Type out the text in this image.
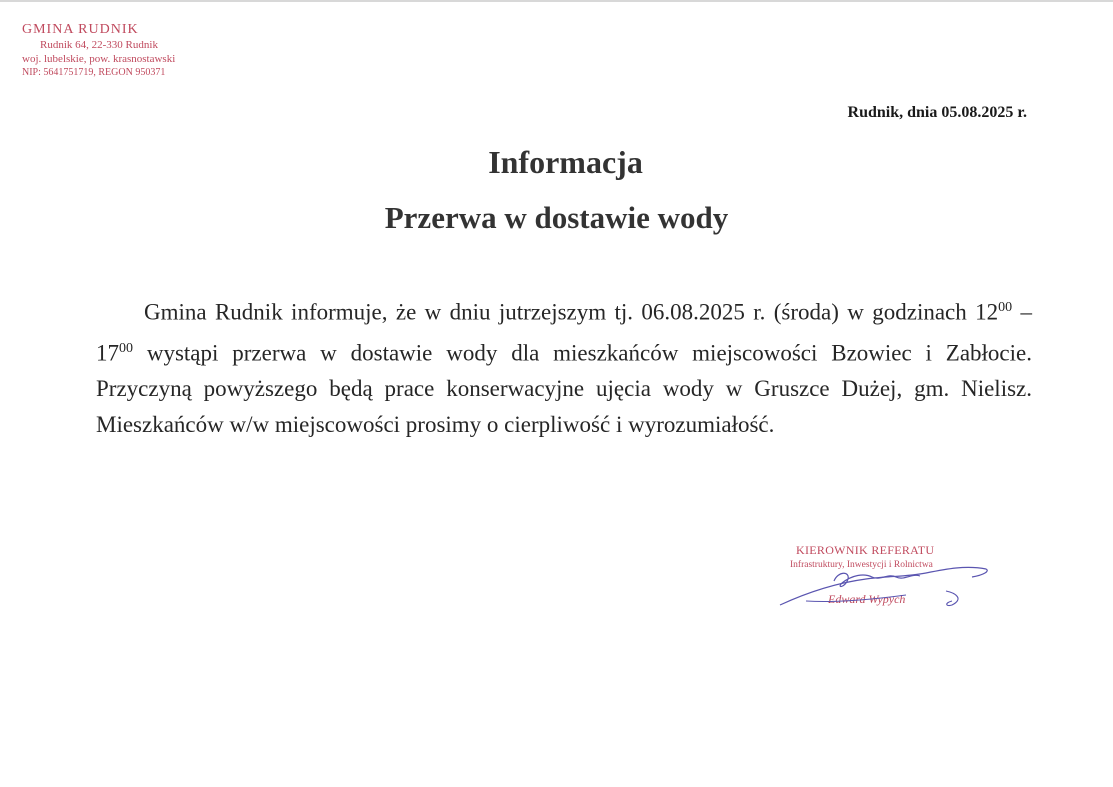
GMINA RUDNIK
Rudnik 64, 22-330 Rudnik
woj. lubelskie, pow. krasnostawski
NIP: 5641751719, REGON 950371
Rudnik, dnia 05.08.2025 r.
Informacja
Przerwa w dostawie wody

Gmina Rudnik informuje, że w dniu jutrzejszym tj. 06.08.2025 r. (środa) w godzinach $12^{00} - 17^{00}$ wystąpi przerwa w dostawie wody dla mieszkańców miejscowości Bzowiec i Zabłocie. Przyczyną powyższego będą prace konserwacyjne ujęcia wody w Gruszce Dużej, gm. Nielisz. Mieszkańców w/w miejscowości prosimy o cierpliwość i wyrozumiałość.

KIEROWNIK REFERATU
Infrastruktury, Inwestycji i Rolnictwa
Edward Wypych
